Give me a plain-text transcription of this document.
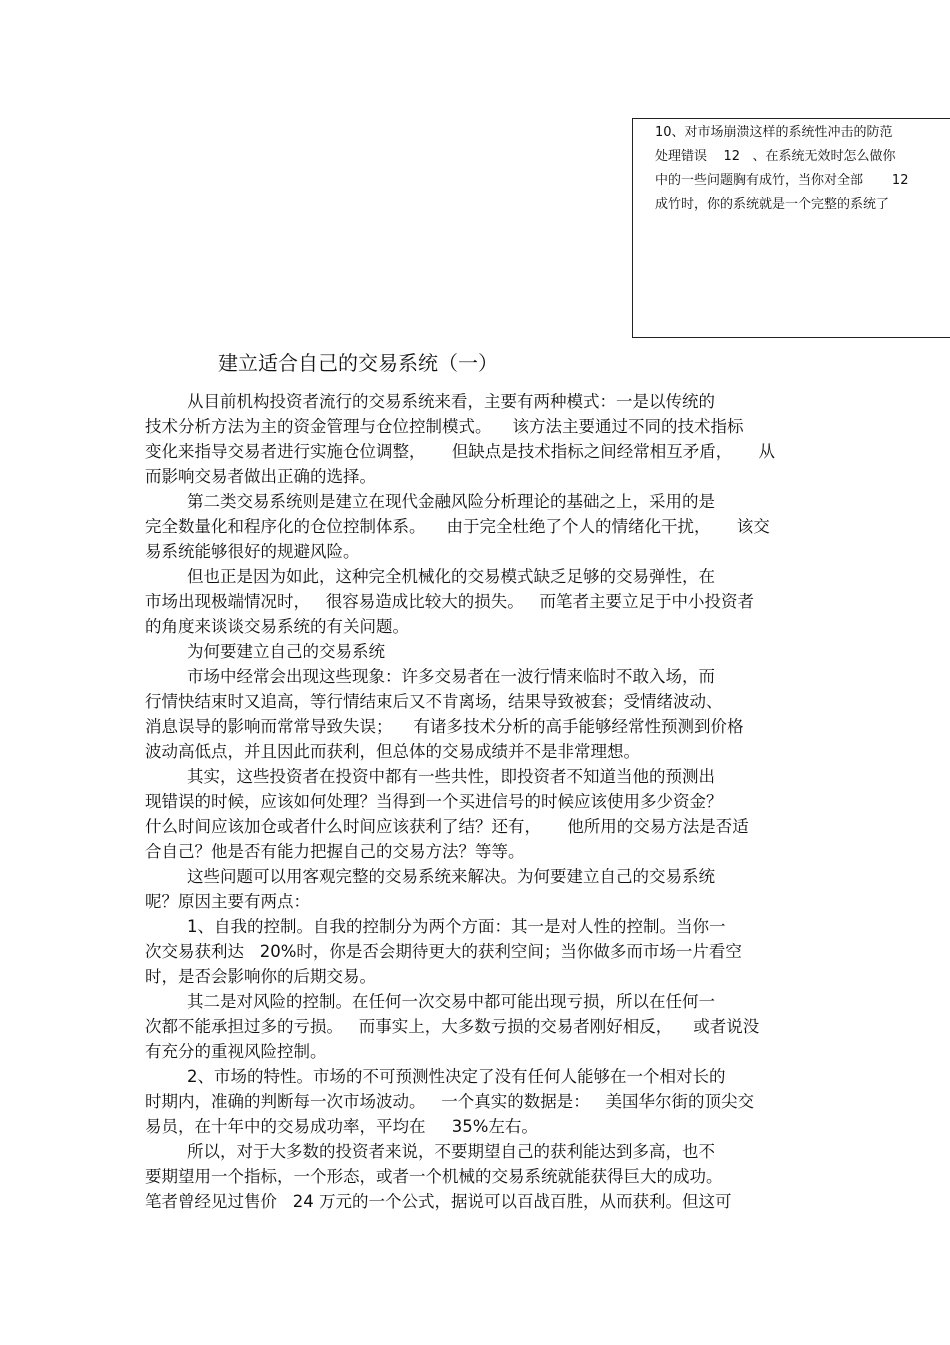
10、对市场崩溃这样的系统性冲击的防范
处理错误    12   、在系统无效时怎么做你
中的一些问题胸有成竹，当你对全部       12
成竹时，你的系统就是一个完整的系统了
建立适合自己的交易系统（一）
从目前机构投资者流行的交易系统来看，主要有两种模式：一是以传统的
技术分析方法为主的资金管理与仓位控制模式。    该方法主要通过不同的技术指标
变化来指导交易者进行实施仓位调整，     但缺点是技术指标之间经常相互矛盾，     从
而影响交易者做出正确的选择。
第二类交易系统则是建立在现代金融风险分析理论的基础之上，采用的是
完全数量化和程序化的仓位控制体系。    由于完全杜绝了个人的情绪化干扰，     该交
易系统能够很好的规避风险。
但也正是因为如此，这种完全机械化的交易模式缺乏足够的交易弹性，在
市场出现极端情况时，   很容易造成比较大的损失。   而笔者主要立足于中小投资者
的角度来谈谈交易系统的有关问题。
为何要建立自己的交易系统
市场中经常会出现这些现象：许多交易者在一波行情来临时不敢入场，而
行情快结束时又追高，等行情结束后又不肯离场，结果导致被套；受情绪波动、
消息误导的影响而常常导致失误；    有诸多技术分析的高手能够经常性预测到价格
波动高低点，并且因此而获利，但总体的交易成绩并不是非常理想。
其实，这些投资者在投资中都有一些共性，即投资者不知道当他的预测出
现错误的时候，应该如何处理？当得到一个买进信号的时候应该使用多少资金？
什么时间应该加仓或者什么时间应该获利了结？还有，     他所用的交易方法是否适
合自己？他是否有能力把握自己的交易方法？等等。
这些问题可以用客观完整的交易系统来解决。为何要建立自己的交易系统
呢？原因主要有两点：
1、自我的控制。自我的控制分为两个方面：其一是对人性的控制。当你一
次交易获利达   20%时，你是否会期待更大的获利空间；当你做多而市场一片看空
时，是否会影响你的后期交易。
其二是对风险的控制。在任何一次交易中都可能出现亏损，所以在任何一
次都不能承担过多的亏损。   而事实上，大多数亏损的交易者刚好相反，    或者说没
有充分的重视风险控制。
2、市场的特性。市场的不可预测性决定了没有任何人能够在一个相对长的
时期内，准确的判断每一次市场波动。   一个真实的数据是：   美国华尔街的顶尖交
易员，在十年中的交易成功率，平均在     35%左右。
所以，对于大多数的投资者来说，不要期望自己的获利能达到多高，也不
要期望用一个指标，一个形态，或者一个机械的交易系统就能获得巨大的成功。
笔者曾经见过售价   24 万元的一个公式，据说可以百战百胜，从而获利。但这可
